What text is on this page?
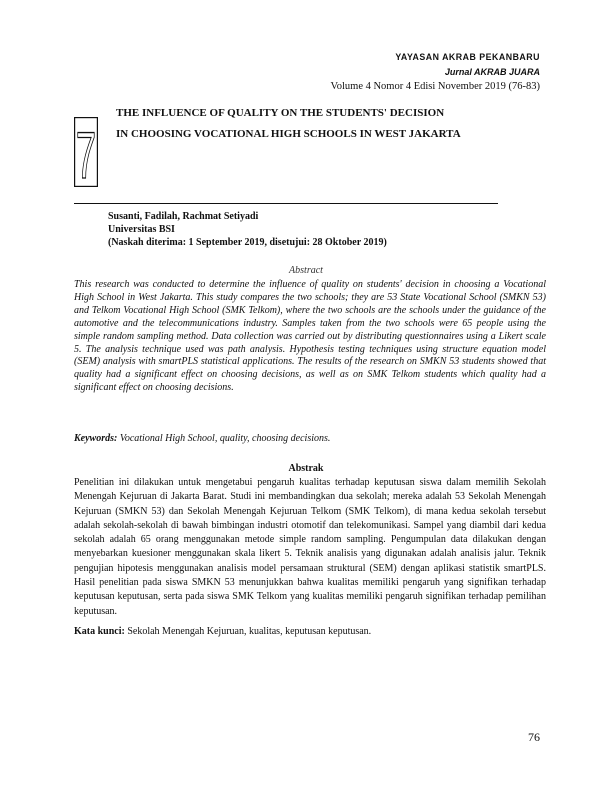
YAYASAN AKRAB PEKANBARU
Jurnal AKRAB JUARA
Volume 4 Nomor 4 Edisi November 2019 (76-83)
7
THE INFLUENCE OF QUALITY ON THE STUDENTS' DECISION
IN CHOOSING VOCATIONAL HIGH SCHOOLS IN WEST JAKARTA
Susanti, Fadilah, Rachmat Setiyadi
Universitas BSI
(Naskah diterima: 1 September 2019, disetujui: 28 Oktober 2019)
Abstract
This research was conducted to determine the influence of quality on students' decision in choosing a Vocational High School in West Jakarta. This study compares the two schools; they are 53 State Vocational School (SMKN 53) and Telkom Vocational High School (SMK Telkom), where the two schools are the schools under the guidance of the automotive and the telecommunications industry. Samples taken from the two schools were 65 people using the simple random sampling method. Data collection was carried out by distributing questionnaires using a Likert scale 5. The analysis technique used was path analysis. Hypothesis testing techniques using structure equation model (SEM) analysis with smartPLS statistical applications. The results of the research on SMKN 53 students showed that quality had a significant effect on choosing decisions, as well as on SMK Telkom students which quality had a significant effect on choosing decisions.
Keywords: Vocational High School, quality, choosing decisions.
Abstrak
Penelitian ini dilakukan untuk mengetabui pengaruh kualitas terhadap keputusan siswa dalam memilih Sekolah Menengah Kejuruan di Jakarta Barat. Studi ini membandingkan dua sekolah; mereka adalah 53 Sekolah Menengah Kejuruan (SMKN 53) dan Sekolah Menengah Kejuruan Telkom (SMK Telkom), di mana kedua sekolah tersebut adalah sekolah-sekolah di bawah bimbingan industri otomotif dan telekomunikasi. Sampel yang diambil dari kedua sekolah adalah 65 orang menggunakan metode simple random sampling. Pengumpulan data dilakukan dengan menyebarkan kuesioner menggunakan skala likert 5. Teknik analisis yang digunakan adalah analisis jalur. Teknik pengujian hipotesis menggunakan analisis model persamaan struktural (SEM) dengan aplikasi statistik smartPLS. Hasil penelitian pada siswa SMKN 53 menunjukkan bahwa kualitas memiliki pengaruh yang signifikan terhadap keputusan keputusan, serta pada siswa SMK Telkom yang kualitas memiliki pengaruh signifikan terhadap pemilihan keputusan.
Kata kunci: Sekolah Menengah Kejuruan, kualitas, keputusan keputusan.
76
